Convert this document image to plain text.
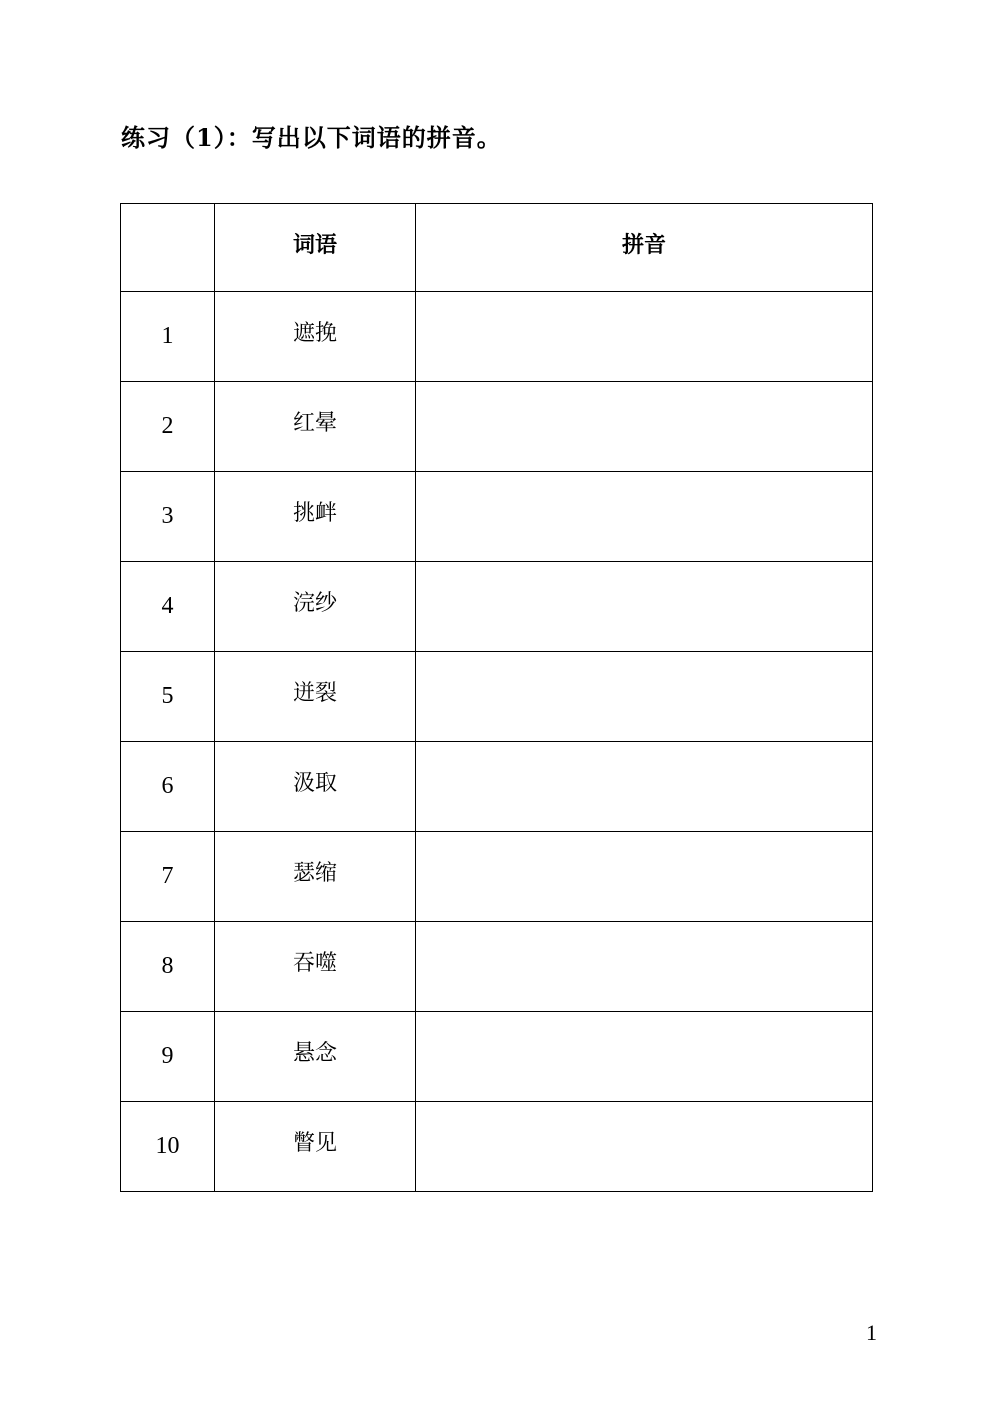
练习（1）：写出以下词语的拼音。
	词语	拼音
1	遮挽	
2	红晕	
3	挑衅	
4	浣纱	
5	迸裂	
6	汲取	
7	瑟缩	
8	吞噬	
9	悬念	
10	瞥见	
1
